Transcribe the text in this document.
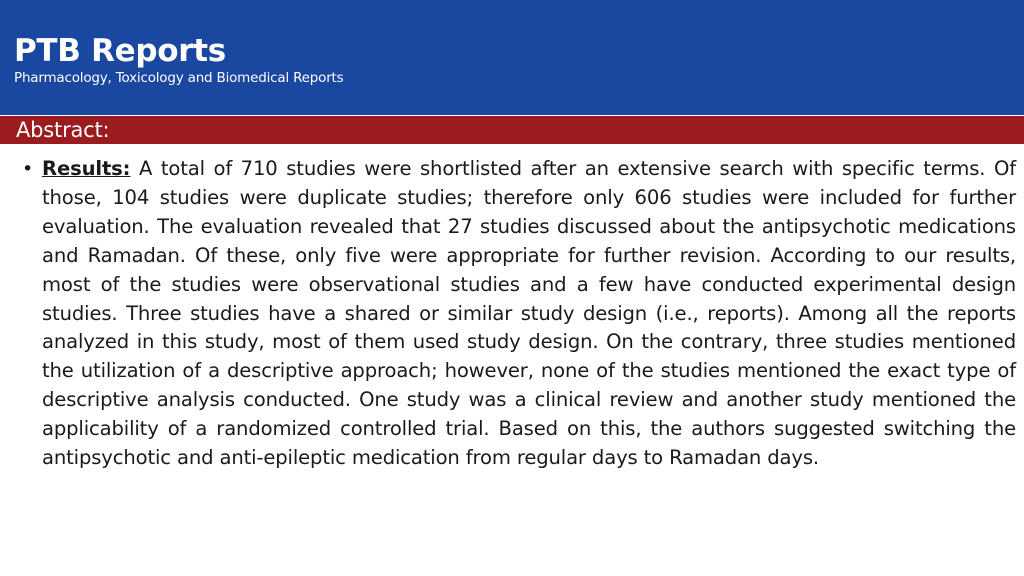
PTB Reports
Pharmacology, Toxicology and Biomedical Reports
Abstract:
• Results: A total of 710 studies were shortlisted after an extensive search with specific terms. Of those, 104 studies were duplicate studies; therefore only 606 studies were included for further evaluation. The evaluation revealed that 27 studies discussed about the antipsychotic medications and Ramadan. Of these, only five were appropriate for further revision. According to our results, most of the studies were observational studies and a few have conducted experimental design studies. Three studies have a shared or similar study design (i.e., reports). Among all the reports analyzed in this study, most of them used study design. On the contrary, three studies mentioned the utilization of a descriptive approach; however, none of the studies mentioned the exact type of descriptive analysis conducted. One study was a clinical review and another study mentioned the applicability of a randomized controlled trial. Based on this, the authors suggested switching the antipsychotic and anti-epileptic medication from regular days to Ramadan days.
